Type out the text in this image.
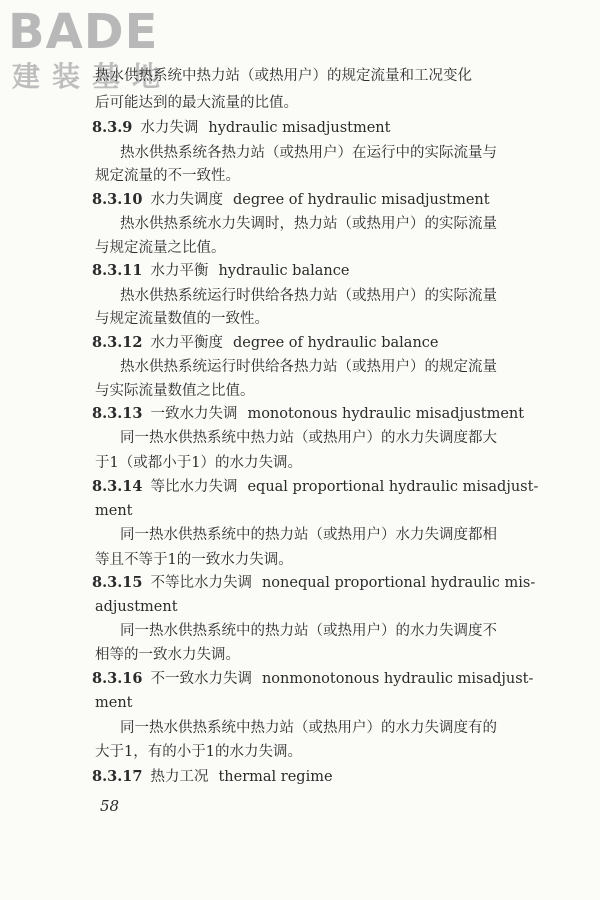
BADE

建装基地

热水供热系统中热力站（或热用户）的规定流量和工况变化

后可能达到的最大流量的比值。

8.3.9 水力失调 hydraulic misadjustment

热水供热系统各热力站（或热用户）在运行中的实际流量与

规定流量的不一致性。

8.3.10 水力失调度 degree of hydraulic misadjustment

热水供热系统水力失调时，热力站（或热用户）的实际流量

与规定流量之比值。

8.3.11 水力平衡 hydraulic balance

热水供热系统运行时供给各热力站（或热用户）的实际流量

与规定流量数值的一致性。

8.3.12 水力平衡度 degree of hydraulic balance

热水供热系统运行时供给各热力站（或热用户）的规定流量

与实际流量数值之比值。

8.3.13 一致水力失调 monotonous hydraulic misadjustment

同一热水供热系统中热力站（或热用户）的水力失调度都大

于1（或都小于1）的水力失调。

8.3.14 等比水力失调 equal proportional hydraulic misadjust-

ment

同一热水供热系统中的热力站（或热用户）水力失调度都相

等且不等于1的一致水力失调。

8.3.15 不等比水力失调 nonequal proportional hydraulic mis-

adjustment

同一热水供热系统中的热力站（或热用户）的水力失调度不

相等的一致水力失调。

8.3.16 不一致水力失调 nonmonotonous hydraulic misadjust-

ment

同一热水供热系统中热力站（或热用户）的水力失调度有的

大于1，有的小于1的水力失调。

8.3.17 热力工况 thermal regime

58
